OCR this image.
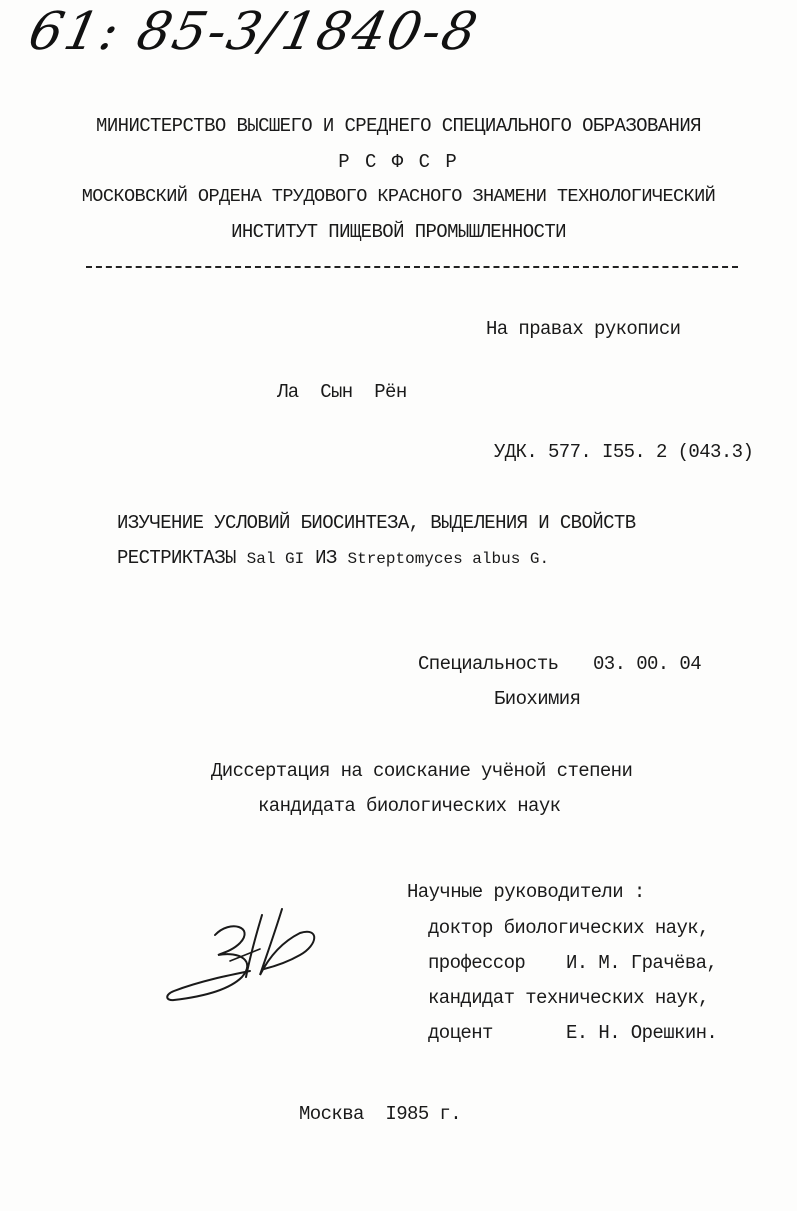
61: 85-3/1840-8
МИНИСТЕРСТВО ВЫСШЕГО И СРЕДНЕГО СПЕЦИАЛЬНОГО ОБРАЗОВАНИЯ
Р С Ф С Р
МОСКОВСКИЙ ОРДЕНА ТРУДОВОГО КРАСНОГО ЗНАМЕНИ ТЕХНОЛОГИЧЕСКИЙ
ИНСТИТУТ ПИЩЕВОЙ ПРОМЫШЛЕННОСТИ
На правах рукописи
Ла  Сын  Рён
УДК. 577. I55. 2 (043.3)
ИЗУЧЕНИЕ УСЛОВИЙ БИОСИНТЕЗА, ВЫДЕЛЕНИЯ И СВОЙСТВ
РЕСТРИКТАЗЫ Sal GI ИЗ Streptomyces albus G.
Специальность 03. 00. 04
Биохимия
Диссертация на соискание учёной степени
кандидата биологических наук
Научные руководители :
доктор биологических наук,
профессор И. М. Грачёва,
кандидат технических наук,
доцент	Е. Н. Орешкин.
Москва  I985 г.
